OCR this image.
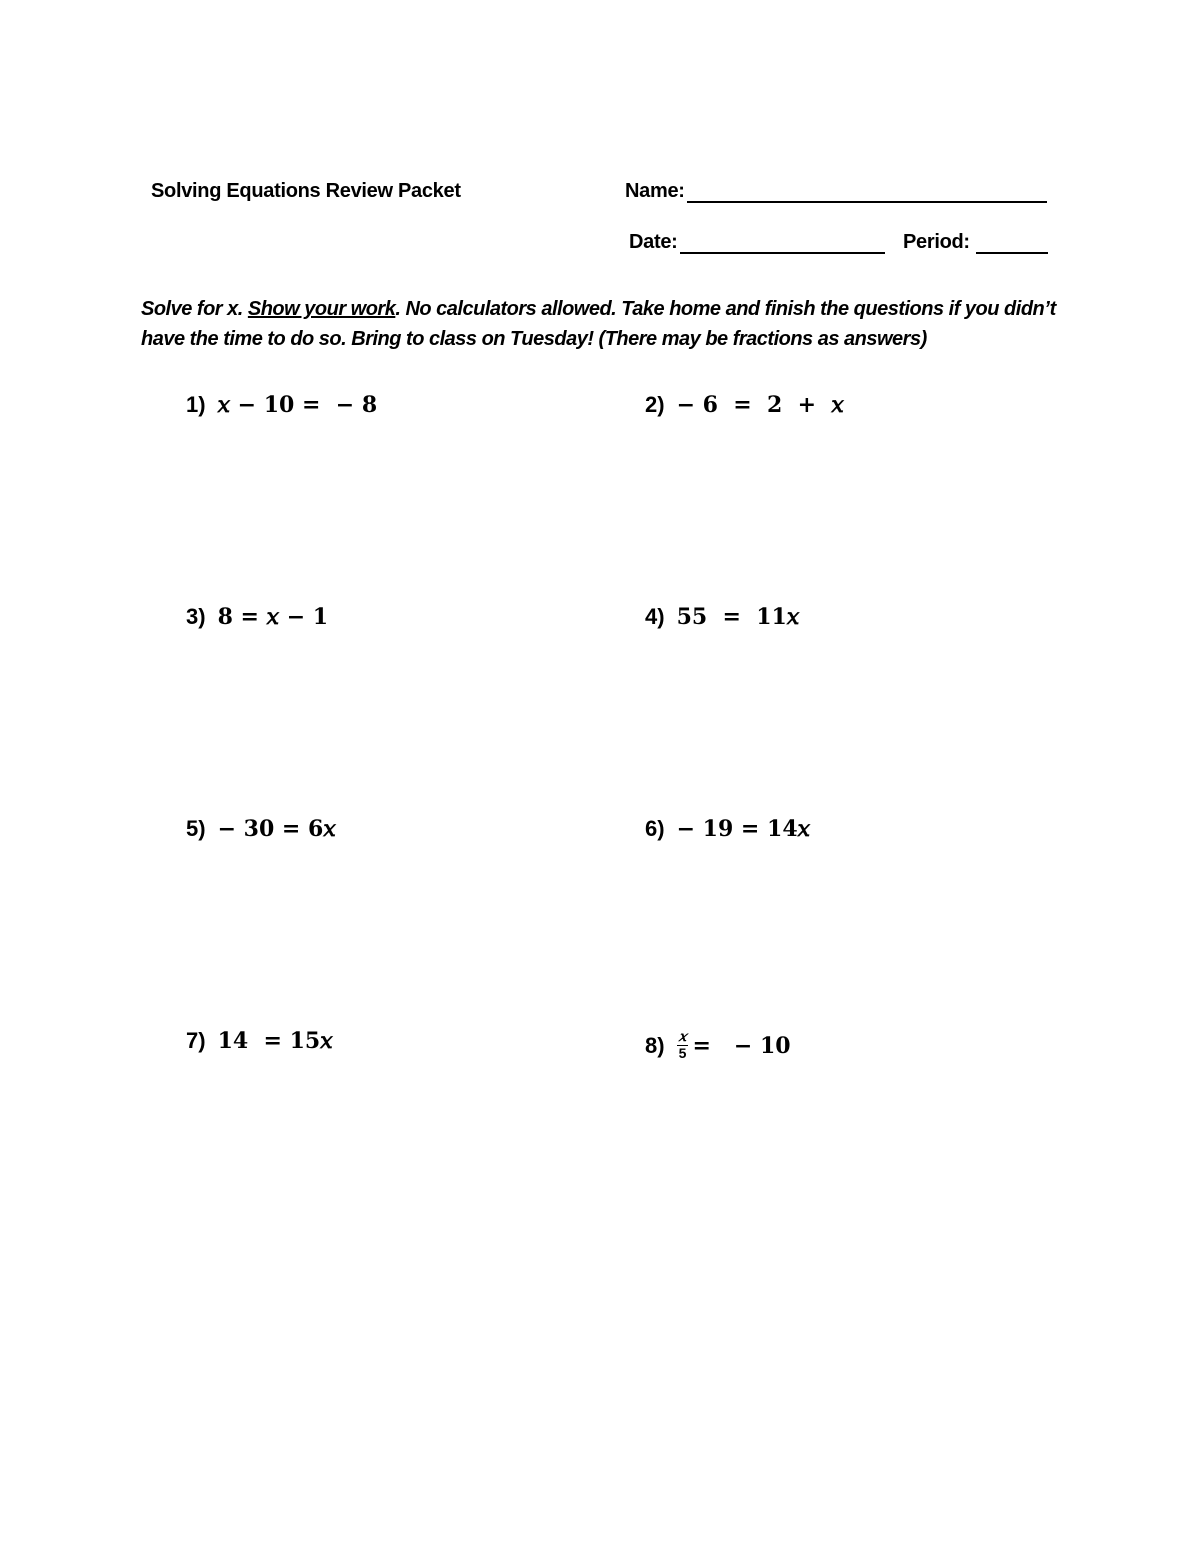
Solving Equations Review Packet	Name:
Date:	Period:
Solve for x. Show your work. No calculators allowed. Take home and finish the questions if you didn’t have the time to do so. Bring to class on Tuesday! (There may be fractions as answers)
1) 𝑥 − 10 =  − 8	2) − 6  =  2  +  𝑥
3) 8 = 𝑥 − 1	4) 55  =  11𝑥
5) − 30 = 6𝑥	6) − 19 = 14𝑥
7) 14  = 15𝑥	$8) \frac{\text{𝑥}}{5}$ =   − 10
